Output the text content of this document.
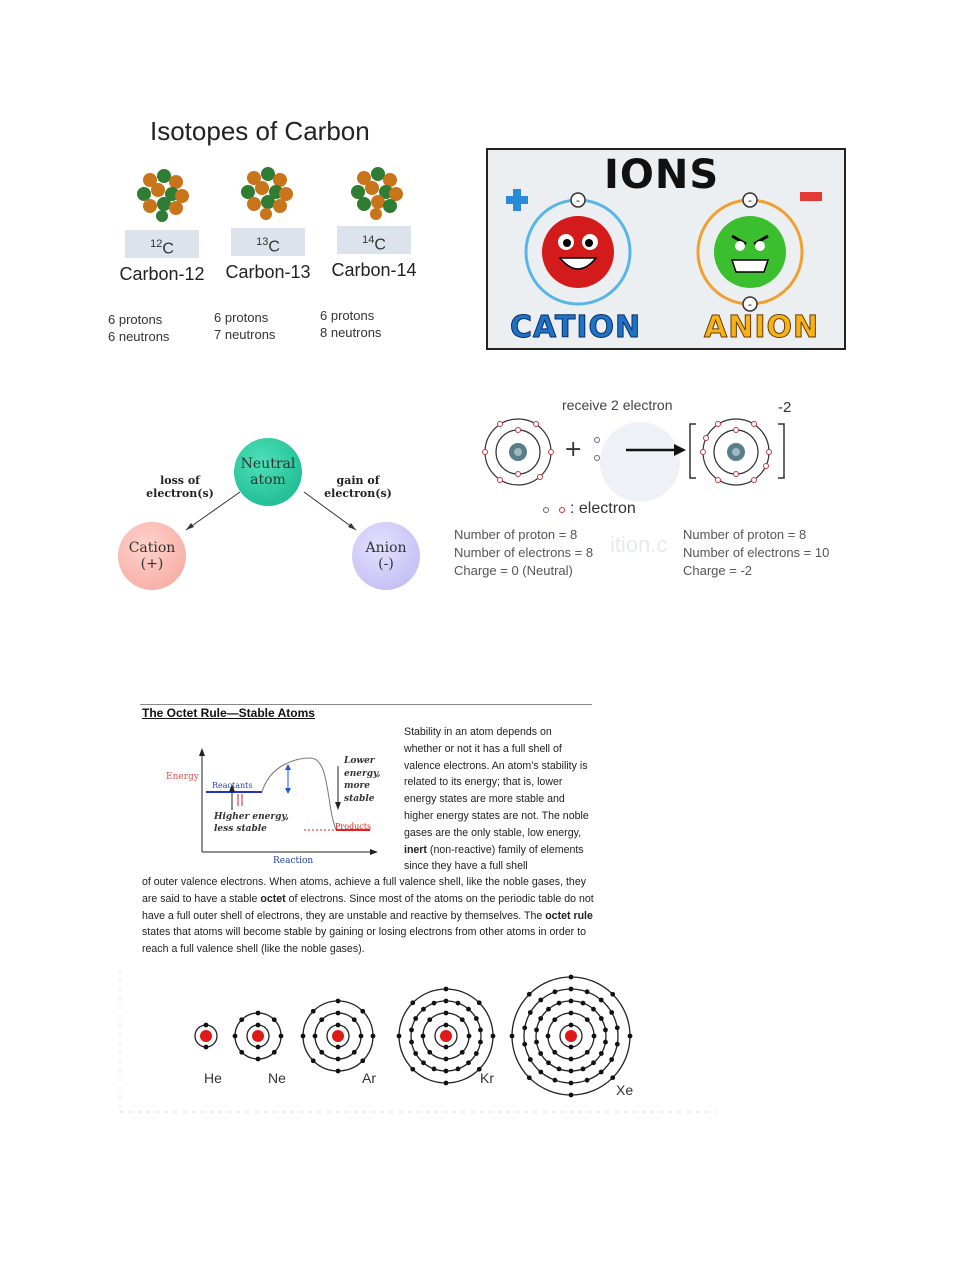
Isotopes of Carbon
$^{12}$C
Carbon-12
6 protons
6 neutrons
$^{13}$C
Carbon-13
6 protons
7 neutrons
$^{14}$C
Carbon-14
6 protons
8 neutrons
IONS
-	-
-
CATION ANION
Neutral
atom
loss of
electron(s)
gain of
electron(s)
Cation
(+)
Anion
(-)
receive 2 electron	-2
ition.c
+
: electron
Number of proton = 8
Number of electrons = 8
Charge = 0 (Neutral)
Number of proton = 8
Number of electrons = 10
Charge = -2
The Octet Rule—Stable Atoms
Energy
Reaction
Reactants
Products
Higher energy,
less stable
Lower
energy,
more
stable
Stability in an atom depends on whether or not it has a full shell of valence electrons. An atom’s stability is related to its energy; that is, lower energy states are more stable and higher energy states are not. The noble gases are the only stable, low energy, inert (non-reactive) family of elements since they have a full shell
of outer valence electrons. When atoms, achieve a full valence shell, like the noble gases, they are said to have a stable octet of electrons. Since most of the atoms on the periodic table do not have a full outer shell of electrons, they are unstable and reactive by themselves. The octet rule states that atoms will become stable by gaining or losing electrons from other atoms in order to reach a full valence shell (like the noble gases).
He	Ne	Ar	Kr
Xe
